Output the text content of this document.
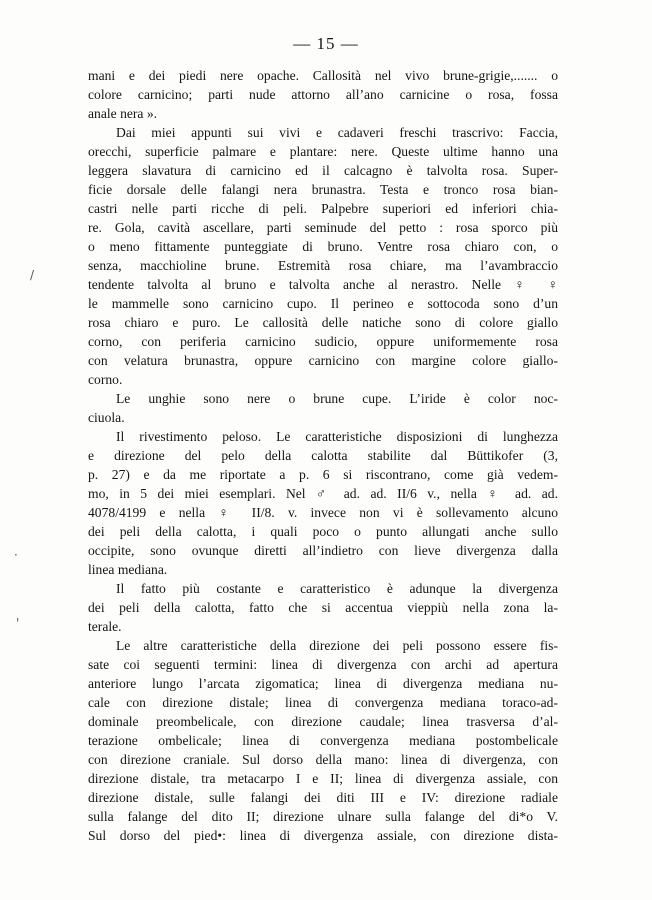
— 15 —
mani e dei piedi nere opache. Callosità nel vivo brune-grigie,....... o
colore carnicino; parti nude attorno all’ano carnicine o rosa, fossa
anale nera ».
Dai miei appunti sui vivi e cadaveri freschi trascrivo: Faccia,
orecchi, superficie palmare e plantare: nere. Queste ultime hanno una
leggera slavatura di carnicino ed il calcagno è talvolta rosa. Super-
ficie dorsale delle falangi nera brunastra. Testa e tronco rosa bian-
castri nelle parti ricche di peli. Palpebre superiori ed inferiori chia-
re. Gola, cavità ascellare, parti seminude del petto : rosa sporco più
o meno fittamente punteggiate di bruno. Ventre rosa chiaro con, o
senza, macchioline brune. Estremità rosa chiare, ma l’avambraccio
tendente talvolta al bruno e talvolta anche al nerastro. Nelle ♀ ♀
le mammelle sono carnicino cupo. Il perineo e sottocoda sono d’un
rosa chiaro e puro. Le callosità delle natiche sono di colore giallo
corno, con periferia carnicino sudicio, oppure uniformemente rosa
con velatura brunastra, oppure carnicino con margine colore giallo-
corno.
Le unghie sono nere o brune cupe. L’iride è color noc-
ciuola.
Il rivestimento peloso. Le caratteristiche disposizioni di lunghezza
e direzione del pelo della calotta stabilite dal Büttikofer (3,
p. 27) e da me riportate a p. 6 si riscontrano, come già vedem-
mo, in 5 dei miei esemplari. Nel ♂ ad. ad. II/6 v., nella ♀ ad. ad.
4078/4199 e nella ♀ II/8. v. invece non vi è sollevamento alcuno
dei peli della calotta, i quali poco o punto allungati anche sullo
occipite, sono ovunque diretti all’indietro con lieve divergenza dalla
linea mediana.
Il fatto più costante e caratteristico è adunque la divergenza
dei peli della calotta, fatto che si accentua vieppiù nella zona la-
terale.
Le altre caratteristiche della direzione dei peli possono essere fis-
sate coi seguenti termini: linea di divergenza con archi ad apertura
anteriore lungo l’arcata zigomatica; linea di divergenza mediana nu-
cale con direzione distale; linea di convergenza mediana toraco-ad-
dominale preombelicale, con direzione caudale; linea trasversa d’al-
terazione ombelicale; linea di convergenza mediana postombelicale
con direzione craniale. Sul dorso della mano: linea di divergenza, con
direzione distale, tra metacarpo I e II; linea di divergenza assiale, con
direzione distale, sulle falangi dei diti III e IV: direzione radiale
sulla falange del dito II; direzione ulnare sulla falange del di*o V.
Sul dorso del pied•: linea di divergenza assiale, con direzione dista-
/
·
'
